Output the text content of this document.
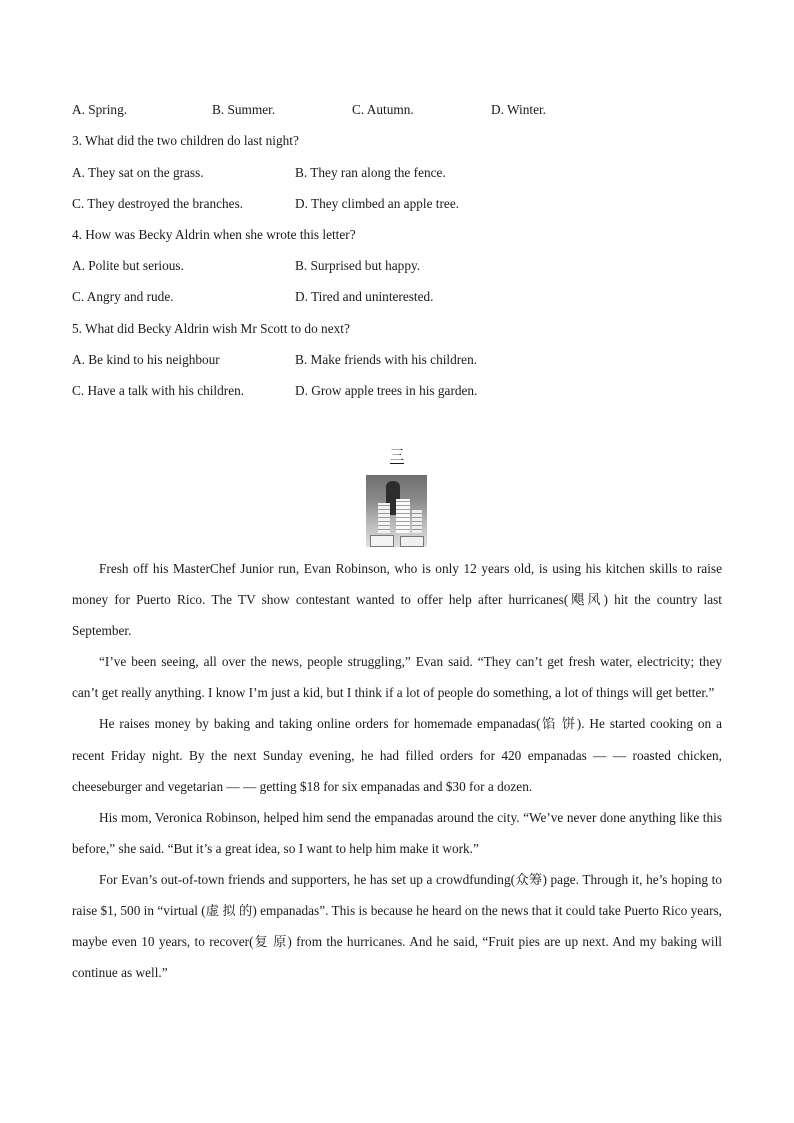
A. Spring.	B. Summer.	C. Autumn.	D. Winter.
3. What did the two children do last night?
A. They sat on the grass.	B. They ran along the fence.
C. They destroyed the branches.	D. They climbed an apple tree.
4. How was Becky Aldrin when she wrote this letter?
A. Polite but serious.	B. Surprised but happy.
C. Angry and rude.	D. Tired and uninterested.
5. What did Becky Aldrin wish Mr Scott to do next?
A. Be kind to his neighbour	B. Make friends with his children.
C. Have a talk with his children.	D. Grow apple trees in his garden.
三

Fresh off his MasterChef Junior run, Evan Robinson, who is only 12 years old, is using his kitchen skills to raise money for Puerto Rico. The TV show contestant wanted to offer help after hurricanes(飓风) hit the country last September.

“I’ve been seeing, all over the news, people struggling,” Evan said. “They can’t get fresh water, electricity; they can’t get really anything. I know I’m just a kid, but I think if a lot of people do something, a lot of things will get better.”

He raises money by baking and taking online orders for homemade empanadas(馅 饼). He started cooking on a recent Friday night. By the next Sunday evening, he had filled orders for 420 empanadas — — roasted chicken, cheeseburger and vegetarian — — getting $18 for six empanadas and $30 for a dozen.

His mom, Veronica Robinson, helped him send the empanadas around the city. “We’ve never done anything like this before,” she said. “But it’s a great idea, so I want to help him make it work.”

For Evan’s out-of-town friends and supporters, he has set up a crowdfunding(众筹) page. Through it, he’s hoping to raise $1, 500 in “virtual (虚 拟 的) empanadas”. This is because he heard on the news that it could take Puerto Rico years, maybe even 10 years, to recover(复 原) from the hurricanes. And he said, “Fruit pies are up next. And my baking will continue as well.”
